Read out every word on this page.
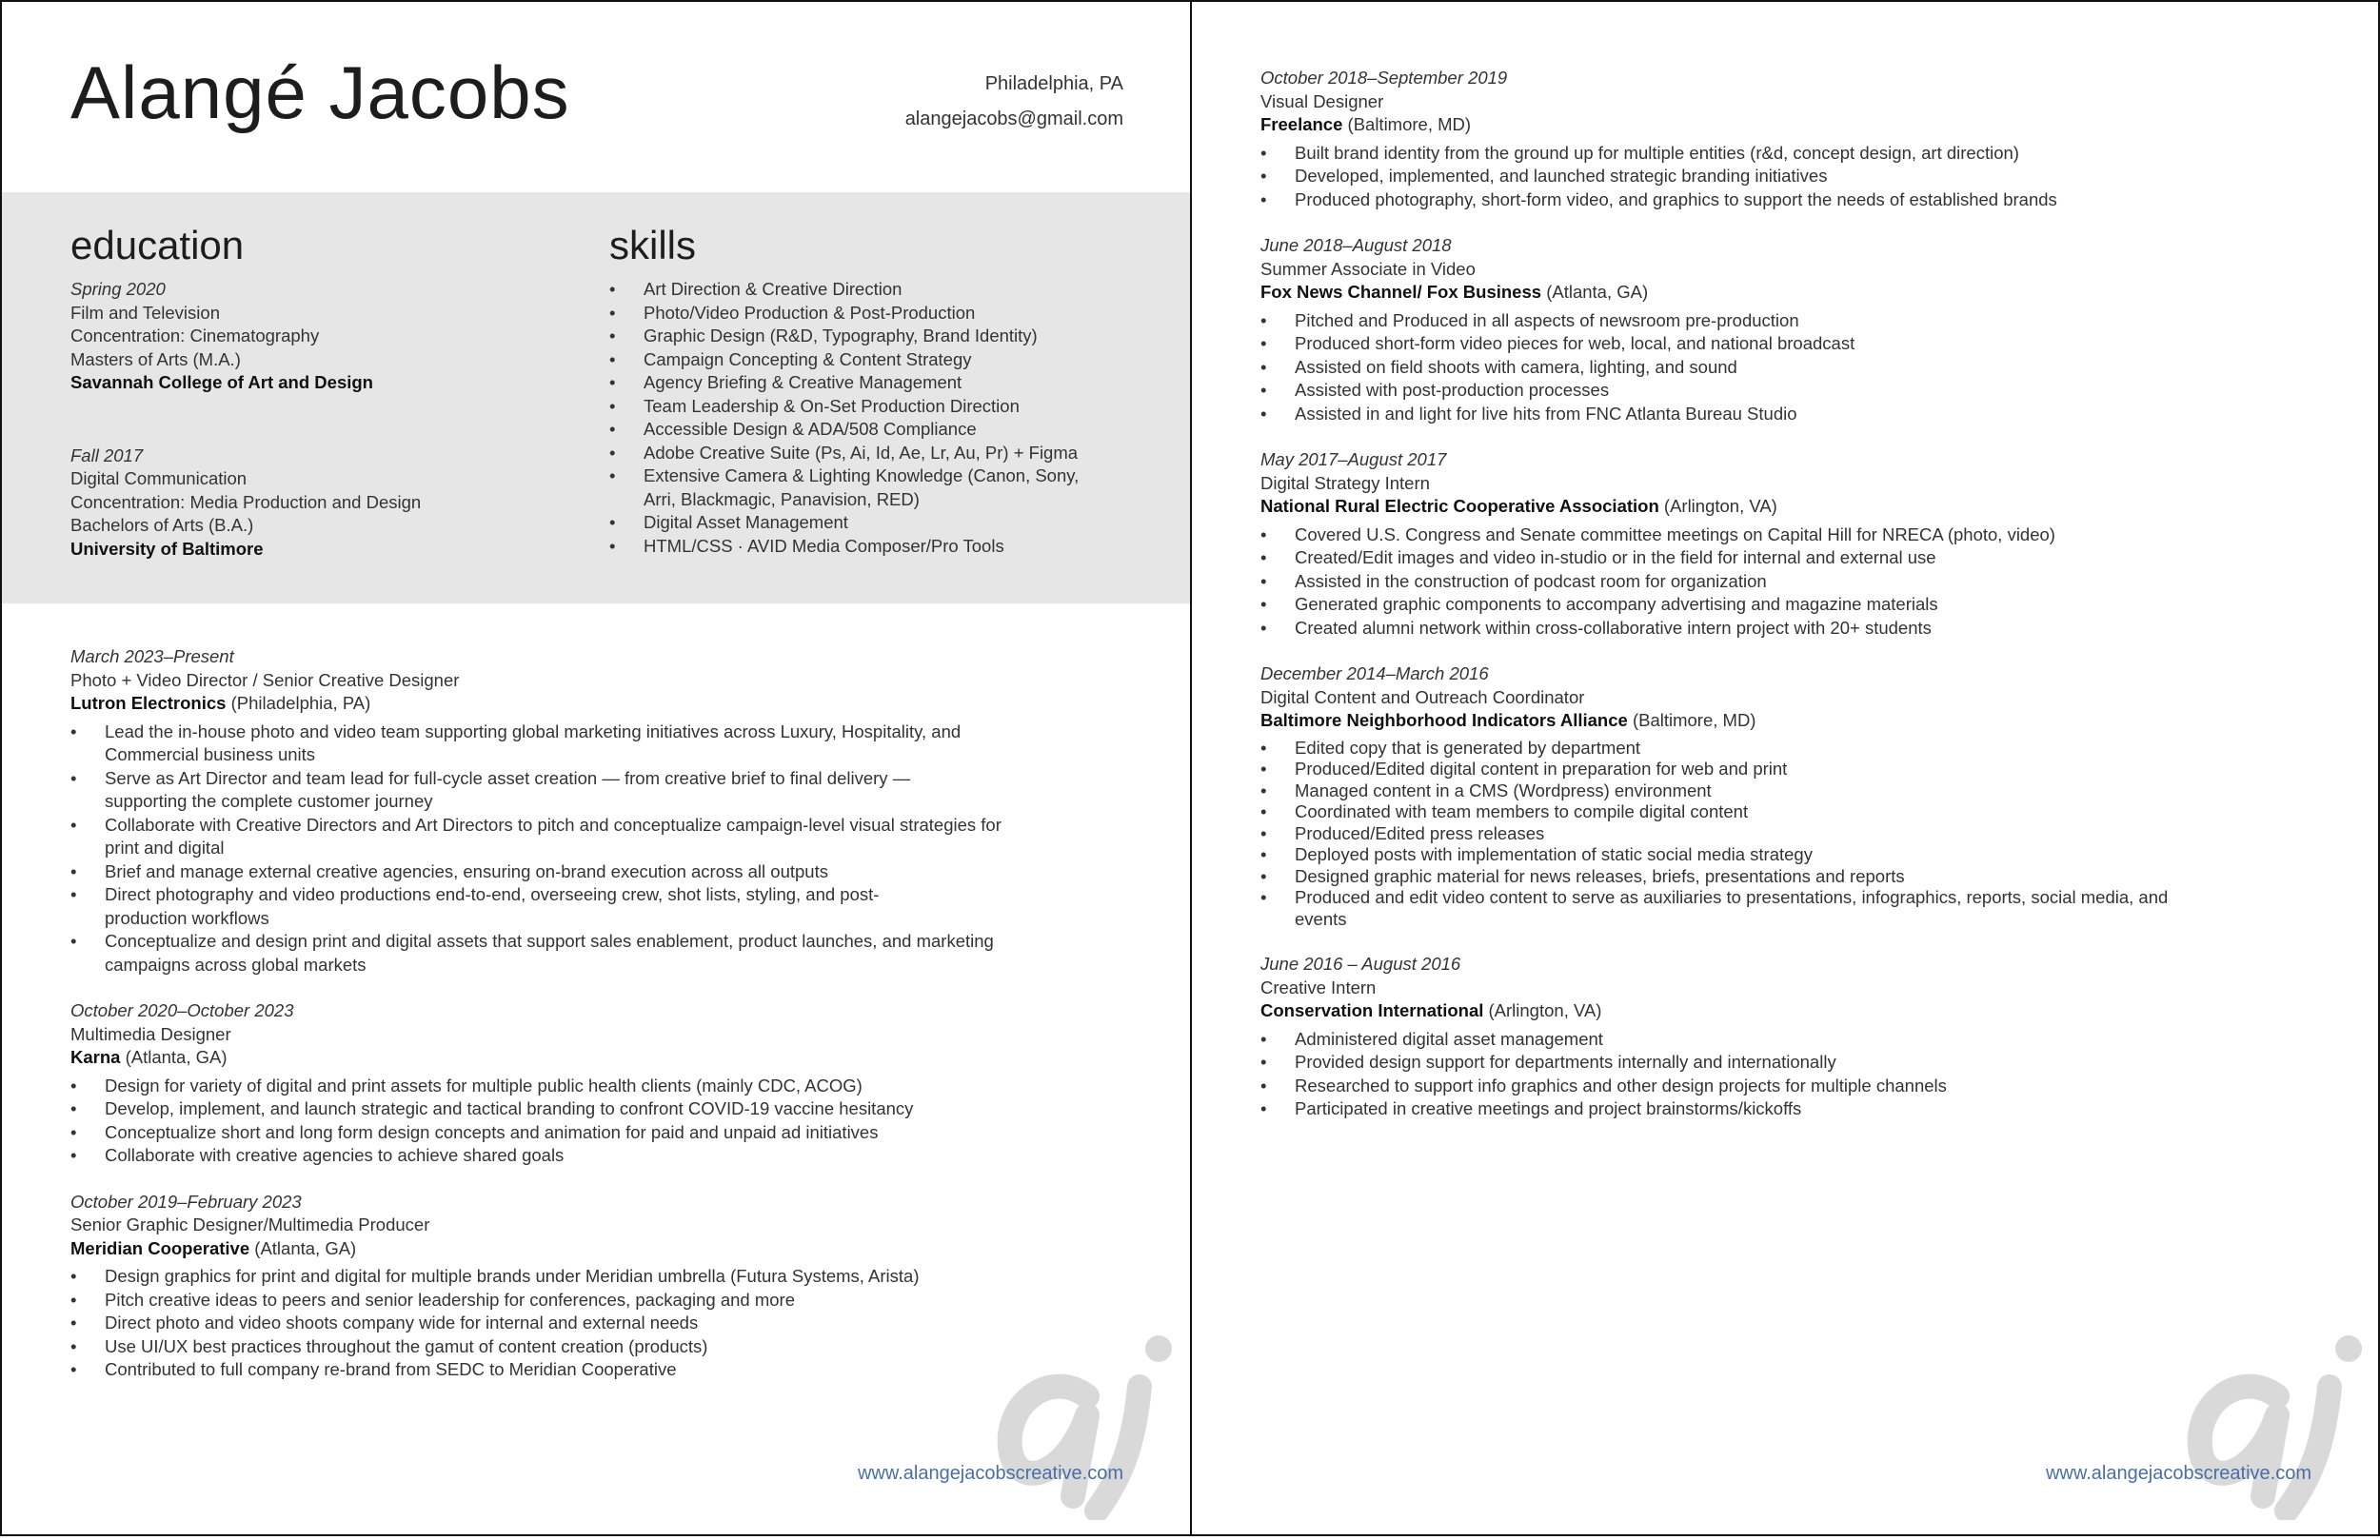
Alangé Jacobs	Philadelphia, PA
alangejacobs@gmail.com
education
Spring 2020
Film and Television
Concentration: Cinematography
Masters of Arts (M.A.)
Savannah College of Art and Design
Fall 2017
Digital Communication
Concentration: Media Production and Design
Bachelors of Arts (B.A.)
University of Baltimore
skills
• Art Direction & Creative Direction
• Photo/Video Production & Post-Production
• Graphic Design (R&D, Typography, Brand Identity)
• Campaign Concepting & Content Strategy
• Agency Briefing & Creative Management
• Team Leadership & On-Set Production Direction
• Accessible Design & ADA/508 Compliance
• Adobe Creative Suite (Ps, Ai, Id, Ae, Lr, Au, Pr) + Figma
• Extensive Camera & Lighting Knowledge (Canon, Sony, Arri, Blackmagic, Panavision, RED)
• Digital Asset Management
• HTML/CSS · AVID Media Composer/Pro Tools
March 2023–Present
Photo + Video Director / Senior Creative Designer
Lutron Electronics (Philadelphia, PA)
• Lead the in-house photo and video team supporting global marketing initiatives across Luxury, Hospitality, and Commercial business units
• Serve as Art Director and team lead for full-cycle asset creation — from creative brief to final delivery — supporting the complete customer journey
• Collaborate with Creative Directors and Art Directors to pitch and conceptualize campaign-level visual strategies for print and digital
• Brief and manage external creative agencies, ensuring on-brand execution across all outputs
• Direct photography and video productions end-to-end, overseeing crew, shot lists, styling, and post-production workflows
• Conceptualize and design print and digital assets that support sales enablement, product launches, and marketing campaigns across global markets
October 2020–October 2023
Multimedia Designer
Karna (Atlanta, GA)
• Design for variety of digital and print assets for multiple public health clients (mainly CDC, ACOG)
• Develop, implement, and launch strategic and tactical branding to confront COVID-19 vaccine hesitancy
• Conceptualize short and long form design concepts and animation for paid and unpaid ad initiatives
• Collaborate with creative agencies to achieve shared goals
October 2019–February 2023
Senior Graphic Designer/Multimedia Producer
Meridian Cooperative (Atlanta, GA)
• Design graphics for print and digital for multiple brands under Meridian umbrella (Futura Systems, Arista)
• Pitch creative ideas to peers and senior leadership for conferences, packaging and more
• Direct photo and video shoots company wide for internal and external needs
• Use UI/UX best practices throughout the gamut of content creation (products)
• Contributed to full company re-brand from SEDC to Meridian Cooperative
www.alangejacobscreative.com
October 2018–September 2019
Visual Designer
Freelance (Baltimore, MD)
• Built brand identity from the ground up for multiple entities (r&d, concept design, art direction)
• Developed, implemented, and launched strategic branding initiatives
• Produced photography, short-form video, and graphics to support the needs of established brands
June 2018–August 2018
Summer Associate in Video
Fox News Channel/ Fox Business (Atlanta, GA)
• Pitched and Produced in all aspects of newsroom pre-production
• Produced short-form video pieces for web, local, and national broadcast
• Assisted on field shoots with camera, lighting, and sound
• Assisted with post-production processes
• Assisted in and light for live hits from FNC Atlanta Bureau Studio
May 2017–August 2017
Digital Strategy Intern
National Rural Electric Cooperative Association (Arlington, VA)
• Covered U.S. Congress and Senate committee meetings on Capital Hill for NRECA (photo, video)
• Created/Edit images and video in-studio or in the field for internal and external use
• Assisted in the construction of podcast room for organization
• Generated graphic components to accompany advertising and magazine materials
• Created alumni network within cross-collaborative intern project with 20+ students
December 2014–March 2016
Digital Content and Outreach Coordinator
Baltimore Neighborhood Indicators Alliance (Baltimore, MD)
• Edited copy that is generated by department
• Produced/Edited digital content in preparation for web and print
• Managed content in a CMS (Wordpress) environment
• Coordinated with team members to compile digital content
• Produced/Edited press releases
• Deployed posts with implementation of static social media strategy
• Designed graphic material for news releases, briefs, presentations and reports
• Produced and edit video content to serve as auxiliaries to presentations, infographics, reports, social media, and events
June 2016 – August 2016
Creative Intern
Conservation International (Arlington, VA)
• Administered digital asset management
• Provided design support for departments internally and internationally
• Researched to support info graphics and other design projects for multiple channels
• Participated in creative meetings and project brainstorms/kickoffs
www.alangejacobscreative.com
